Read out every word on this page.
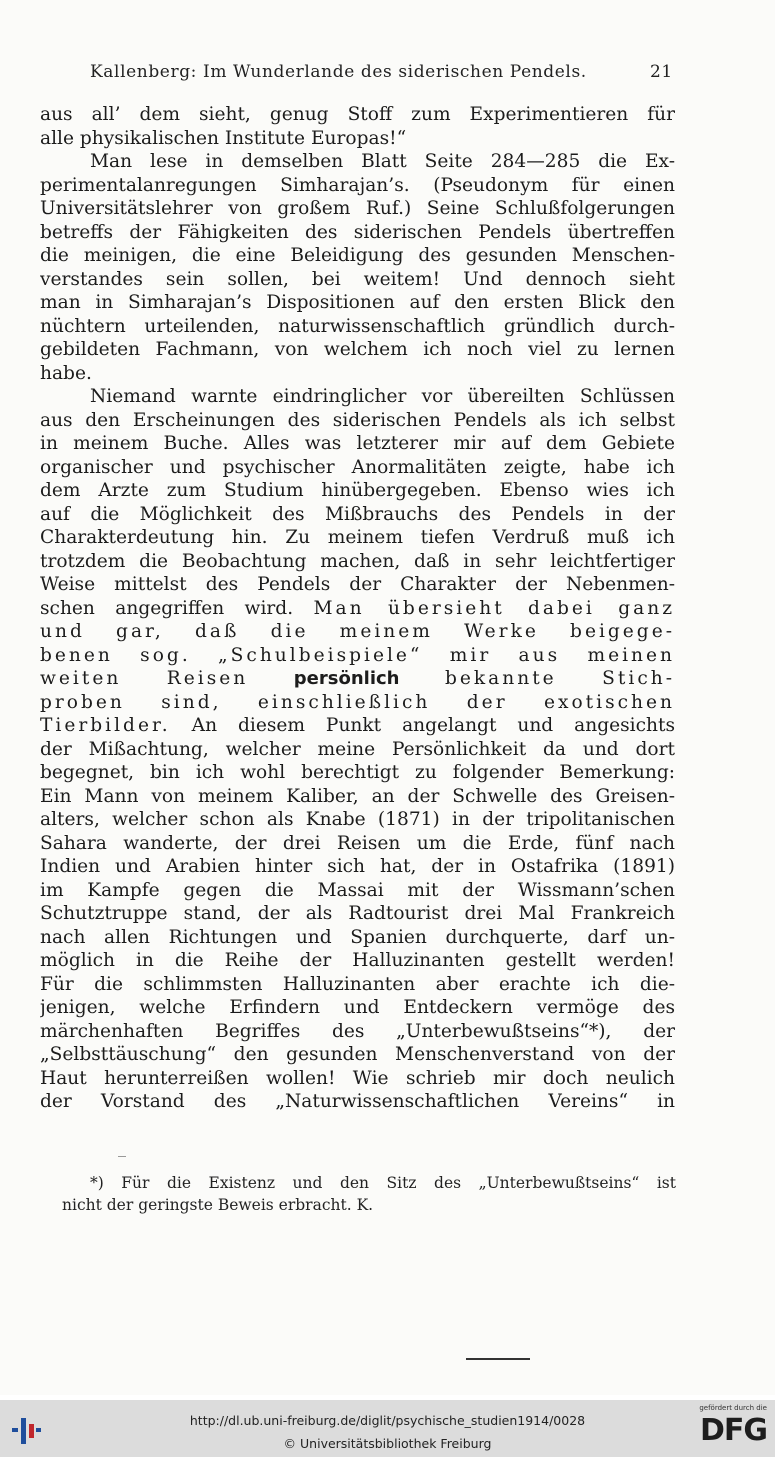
Kallenberg: Im Wunderlande des siderischen Pendels.	21
aus all’ dem sieht, genug Stoff zum Experimentieren für
alle physikalischen Institute Europas!“
Man lese in demselben Blatt Seite 284—285 die Ex-
perimentalanregungen Simharajan’s. (Pseudonym für einen
Universitätslehrer von großem Ruf.) Seine Schlußfolgerungen
betreffs der Fähigkeiten des siderischen Pendels übertreffen
die meinigen, die eine Beleidigung des gesunden Menschen-
verstandes sein sollen, bei weitem! Und dennoch sieht
man in Simharajan’s Dispositionen auf den ersten Blick den
nüchtern urteilenden, naturwissenschaftlich gründlich durch-
gebildeten Fachmann, von welchem ich noch viel zu lernen
habe.
Niemand warnte eindringlicher vor übereilten Schlüssen
aus den Erscheinungen des siderischen Pendels als ich selbst
in meinem Buche. Alles was letzterer mir auf dem Gebiete
organischer und psychischer Anormalitäten zeigte, habe ich
dem Arzte zum Studium hinübergegeben. Ebenso wies ich
auf die Möglichkeit des Mißbrauchs des Pendels in der
Charakterdeutung hin. Zu meinem tiefen Verdruß muß ich
trotzdem die Beobachtung machen, daß in sehr leichtfertiger
Weise mittelst des Pendels der Charakter der Nebenmen-
schen angegriffen wird. Man übersieht dabei ganz
und gar, daß die meinem Werke beigege-
benen sog. „Schulbeispiele“ mir aus meinen
weiten Reisen	persönlich bekannte Stich-
proben sind, einschließlich der exotischen
Tierbilder. An diesem Punkt angelangt und angesichts
der Mißachtung, welcher meine Persönlichkeit da und dort
begegnet, bin ich wohl berechtigt zu folgender Bemerkung:
Ein Mann von meinem Kaliber, an der Schwelle des Greisen-
alters, welcher schon als Knabe (1871) in der tripolitanischen
Sahara wanderte, der drei Reisen um die Erde, fünf nach
Indien und Arabien hinter sich hat, der in Ostafrika (1891)
im Kampfe gegen die Massai mit der Wissmann’schen
Schutztruppe stand, der als Radtourist drei Mal Frankreich
nach allen Richtungen und Spanien durchquerte, darf un-
möglich in die Reihe der Halluzinanten gestellt werden!
Für die schlimmsten Halluzinanten aber erachte ich die-
jenigen, welche Erfindern und Entdeckern vermöge des
märchenhaften Begriffes des „Unterbewußtseins“*), der
„Selbsttäuschung“ den gesunden Menschenverstand von der
Haut herunterreißen wollen! Wie schrieb mir doch neulich
der Vorstand des „Naturwissenschaftlichen Vereins“ in
*) Für die Existenz und den Sitz des „Unterbewußtseins“ ist
nicht der geringste Beweis erbracht. K.
http://dl.ub.uni-freiburg.de/diglit/psychische_studien1914/0028
© Universitätsbibliothek Freiburg
gefördert durch die
DFG
